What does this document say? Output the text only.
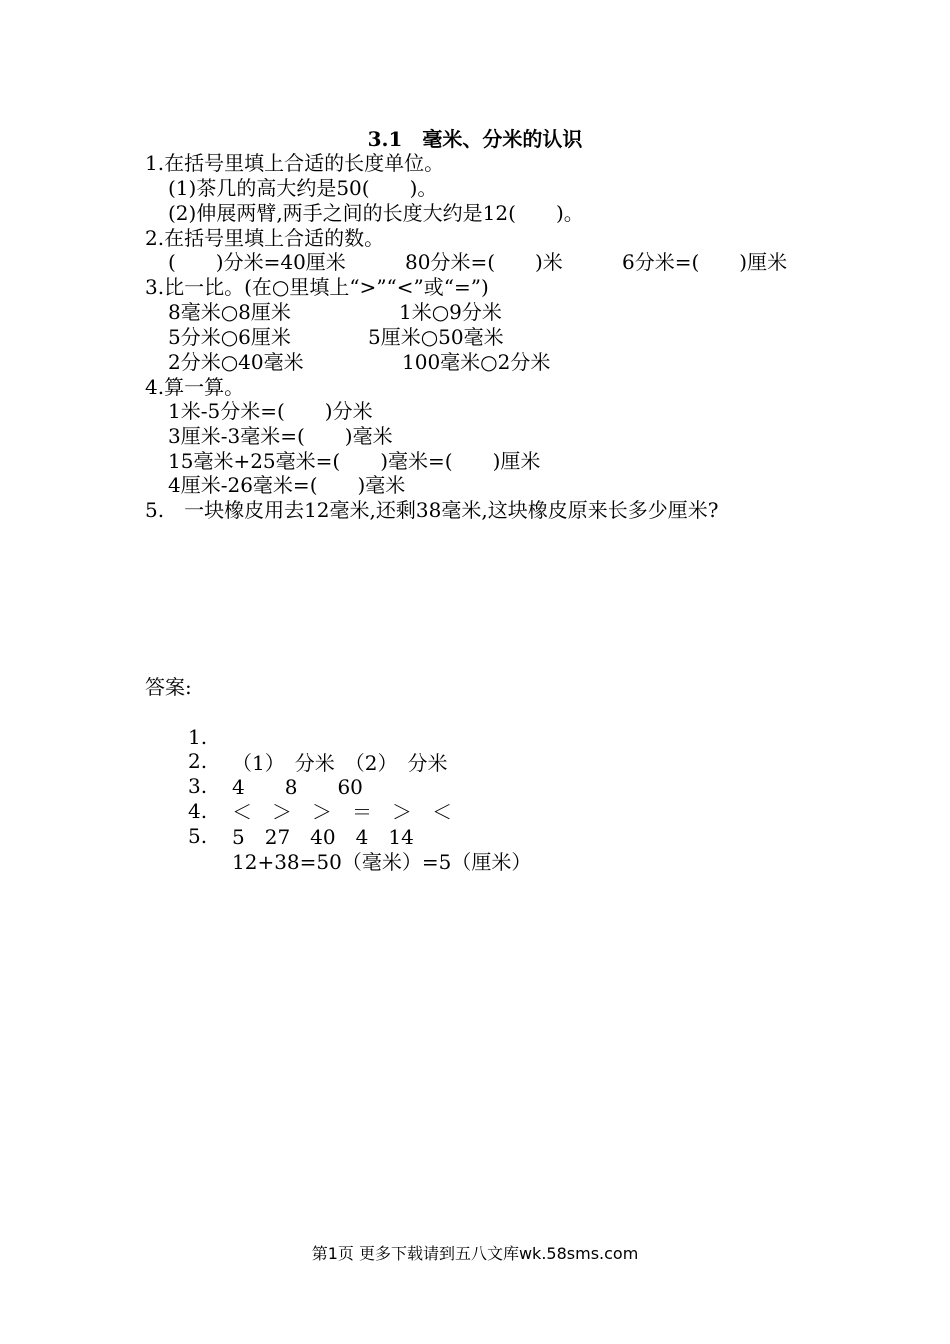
3.1　毫米、分米的认识
1.在括号里填上合适的长度单位。
(1)茶几的高大约是50(　　)。
(2)伸展两臂,两手之间的长度大约是12(　　)。
2.在括号里填上合适的数。
(　　)分米=40厘米	80分米=(　　)米	6分米=(　　)厘米
3.比一比。(在○里填上“>”“<”或“=”)
8毫米○8厘米	1米○9分米
5分米○6厘米	5厘米○50毫米
2分米○40毫米	100毫米○2分米
4.算一算。
1米-5分米=(　　)分米
3厘米-3毫米=(　　)毫米
15毫米+25毫米=(　　)毫米=(　　)厘米
4厘米-26毫米=(　　)毫米
5.　一块橡皮用去12毫米,还剩38毫米,这块橡皮原来长多少厘米?
答案:

1.

（1）　分米　（2）　分米

2.

4　　8　　60

3.

＜　＞　＞　＝　＞　＜

4.

5　27　40　4　14

5.

12+38=50（毫米）=5（厘米）

第1页 更多下载请到五八文库wk.58sms.com
